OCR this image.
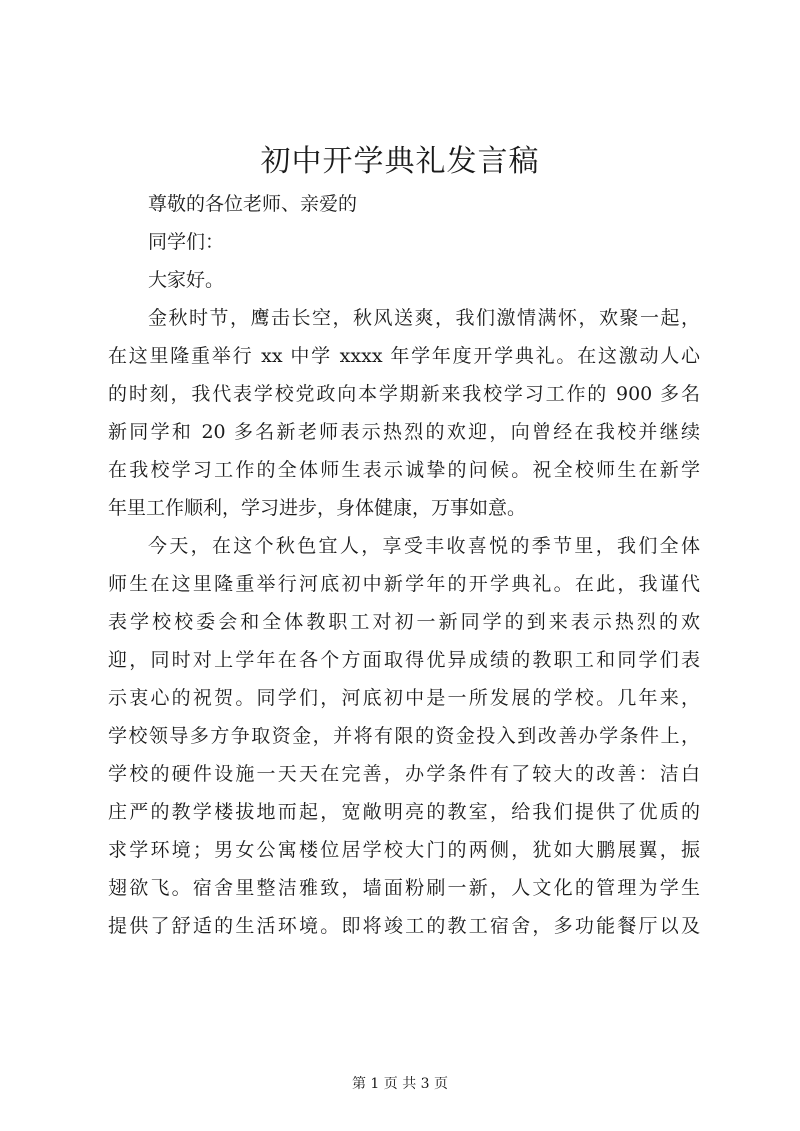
初中开学典礼发言稿

尊敬的各位老师、亲爱的

同学们：

大家好。

金秋时节，鹰击长空，秋风送爽，我们激情满怀，欢聚一起，

在这里隆重举行 xx 中学 xxxx 年学年度开学典礼。在这激动人心

的时刻，我代表学校党政向本学期新来我校学习工作的 900 多名

新同学和 20 多名新老师表示热烈的欢迎，向曾经在我校并继续

在我校学习工作的全体师生表示诚挚的问候。祝全校师生在新学

年里工作顺利，学习进步，身体健康，万事如意。

今天，在这个秋色宜人，享受丰收喜悦的季节里，我们全体

师生在这里隆重举行河底初中新学年的开学典礼。在此，我谨代

表学校校委会和全体教职工对初一新同学的到来表示热烈的欢

迎，同时对上学年在各个方面取得优异成绩的教职工和同学们表

示衷心的祝贺。同学们，河底初中是一所发展的学校。几年来，

学校领导多方争取资金，并将有限的资金投入到改善办学条件上，

学校的硬件设施一天天在完善，办学条件有了较大的改善：洁白

庄严的教学楼拔地而起，宽敞明亮的教室，给我们提供了优质的

求学环境；男女公寓楼位居学校大门的两侧，犹如大鹏展翼，振

翅欲飞。宿舍里整洁雅致，墙面粉刷一新，人文化的管理为学生

提供了舒适的生活环境。即将竣工的教工宿舍，多功能餐厅以及

第 1 页 共 3 页
